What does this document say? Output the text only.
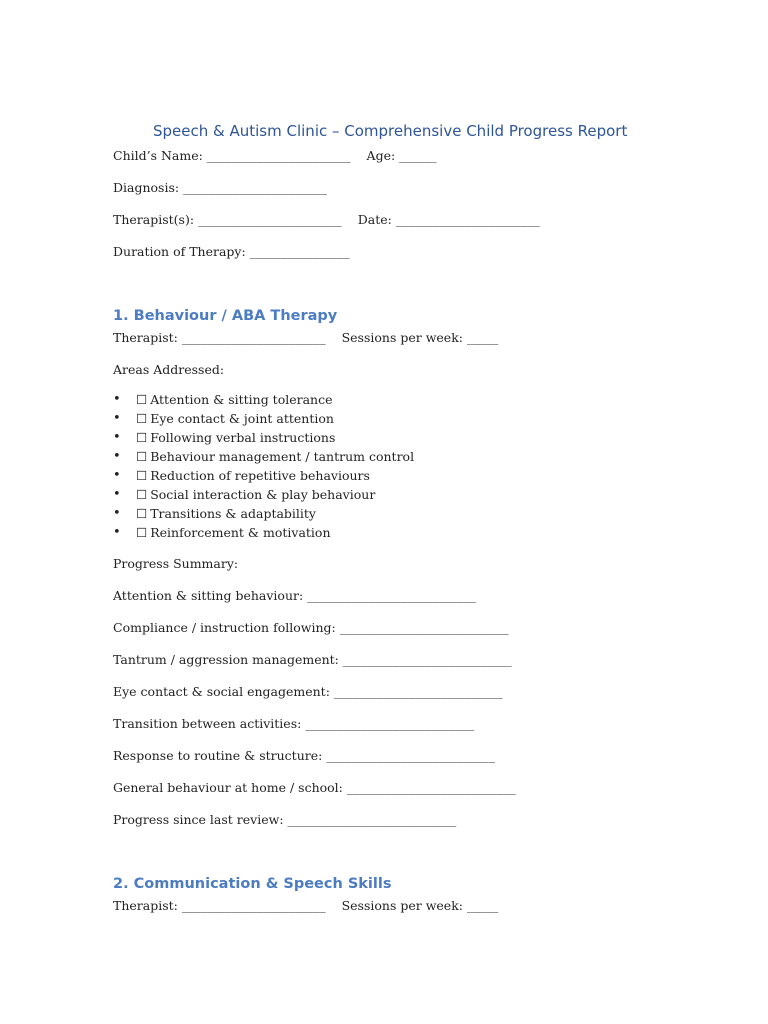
Speech & Autism Clinic – Comprehensive Child Progress Report

Child’s Name: _______________________ Age: ______

Diagnosis: _______________________

Therapist(s): _______________________ Date: _______________________

Duration of Therapy: ________________

1. Behaviour / ABA Therapy

Therapist: _______________________ Sessions per week: _____

Areas Addressed:

• ☐ Attention & sitting tolerance
• ☐ Eye contact & joint attention
• ☐ Following verbal instructions
• ☐ Behaviour management / tantrum control
• ☐ Reduction of repetitive behaviours
• ☐ Social interaction & play behaviour
• ☐ Transitions & adaptability
• ☐ Reinforcement & motivation

Progress Summary:

Attention & sitting behaviour: ___________________________

Compliance / instruction following: ___________________________

Tantrum / aggression management: ___________________________

Eye contact & social engagement: ___________________________

Transition between activities: ___________________________

Response to routine & structure: ___________________________

General behaviour at home / school: ___________________________

Progress since last review: ___________________________

2. Communication & Speech Skills

Therapist: _______________________ Sessions per week: _____
